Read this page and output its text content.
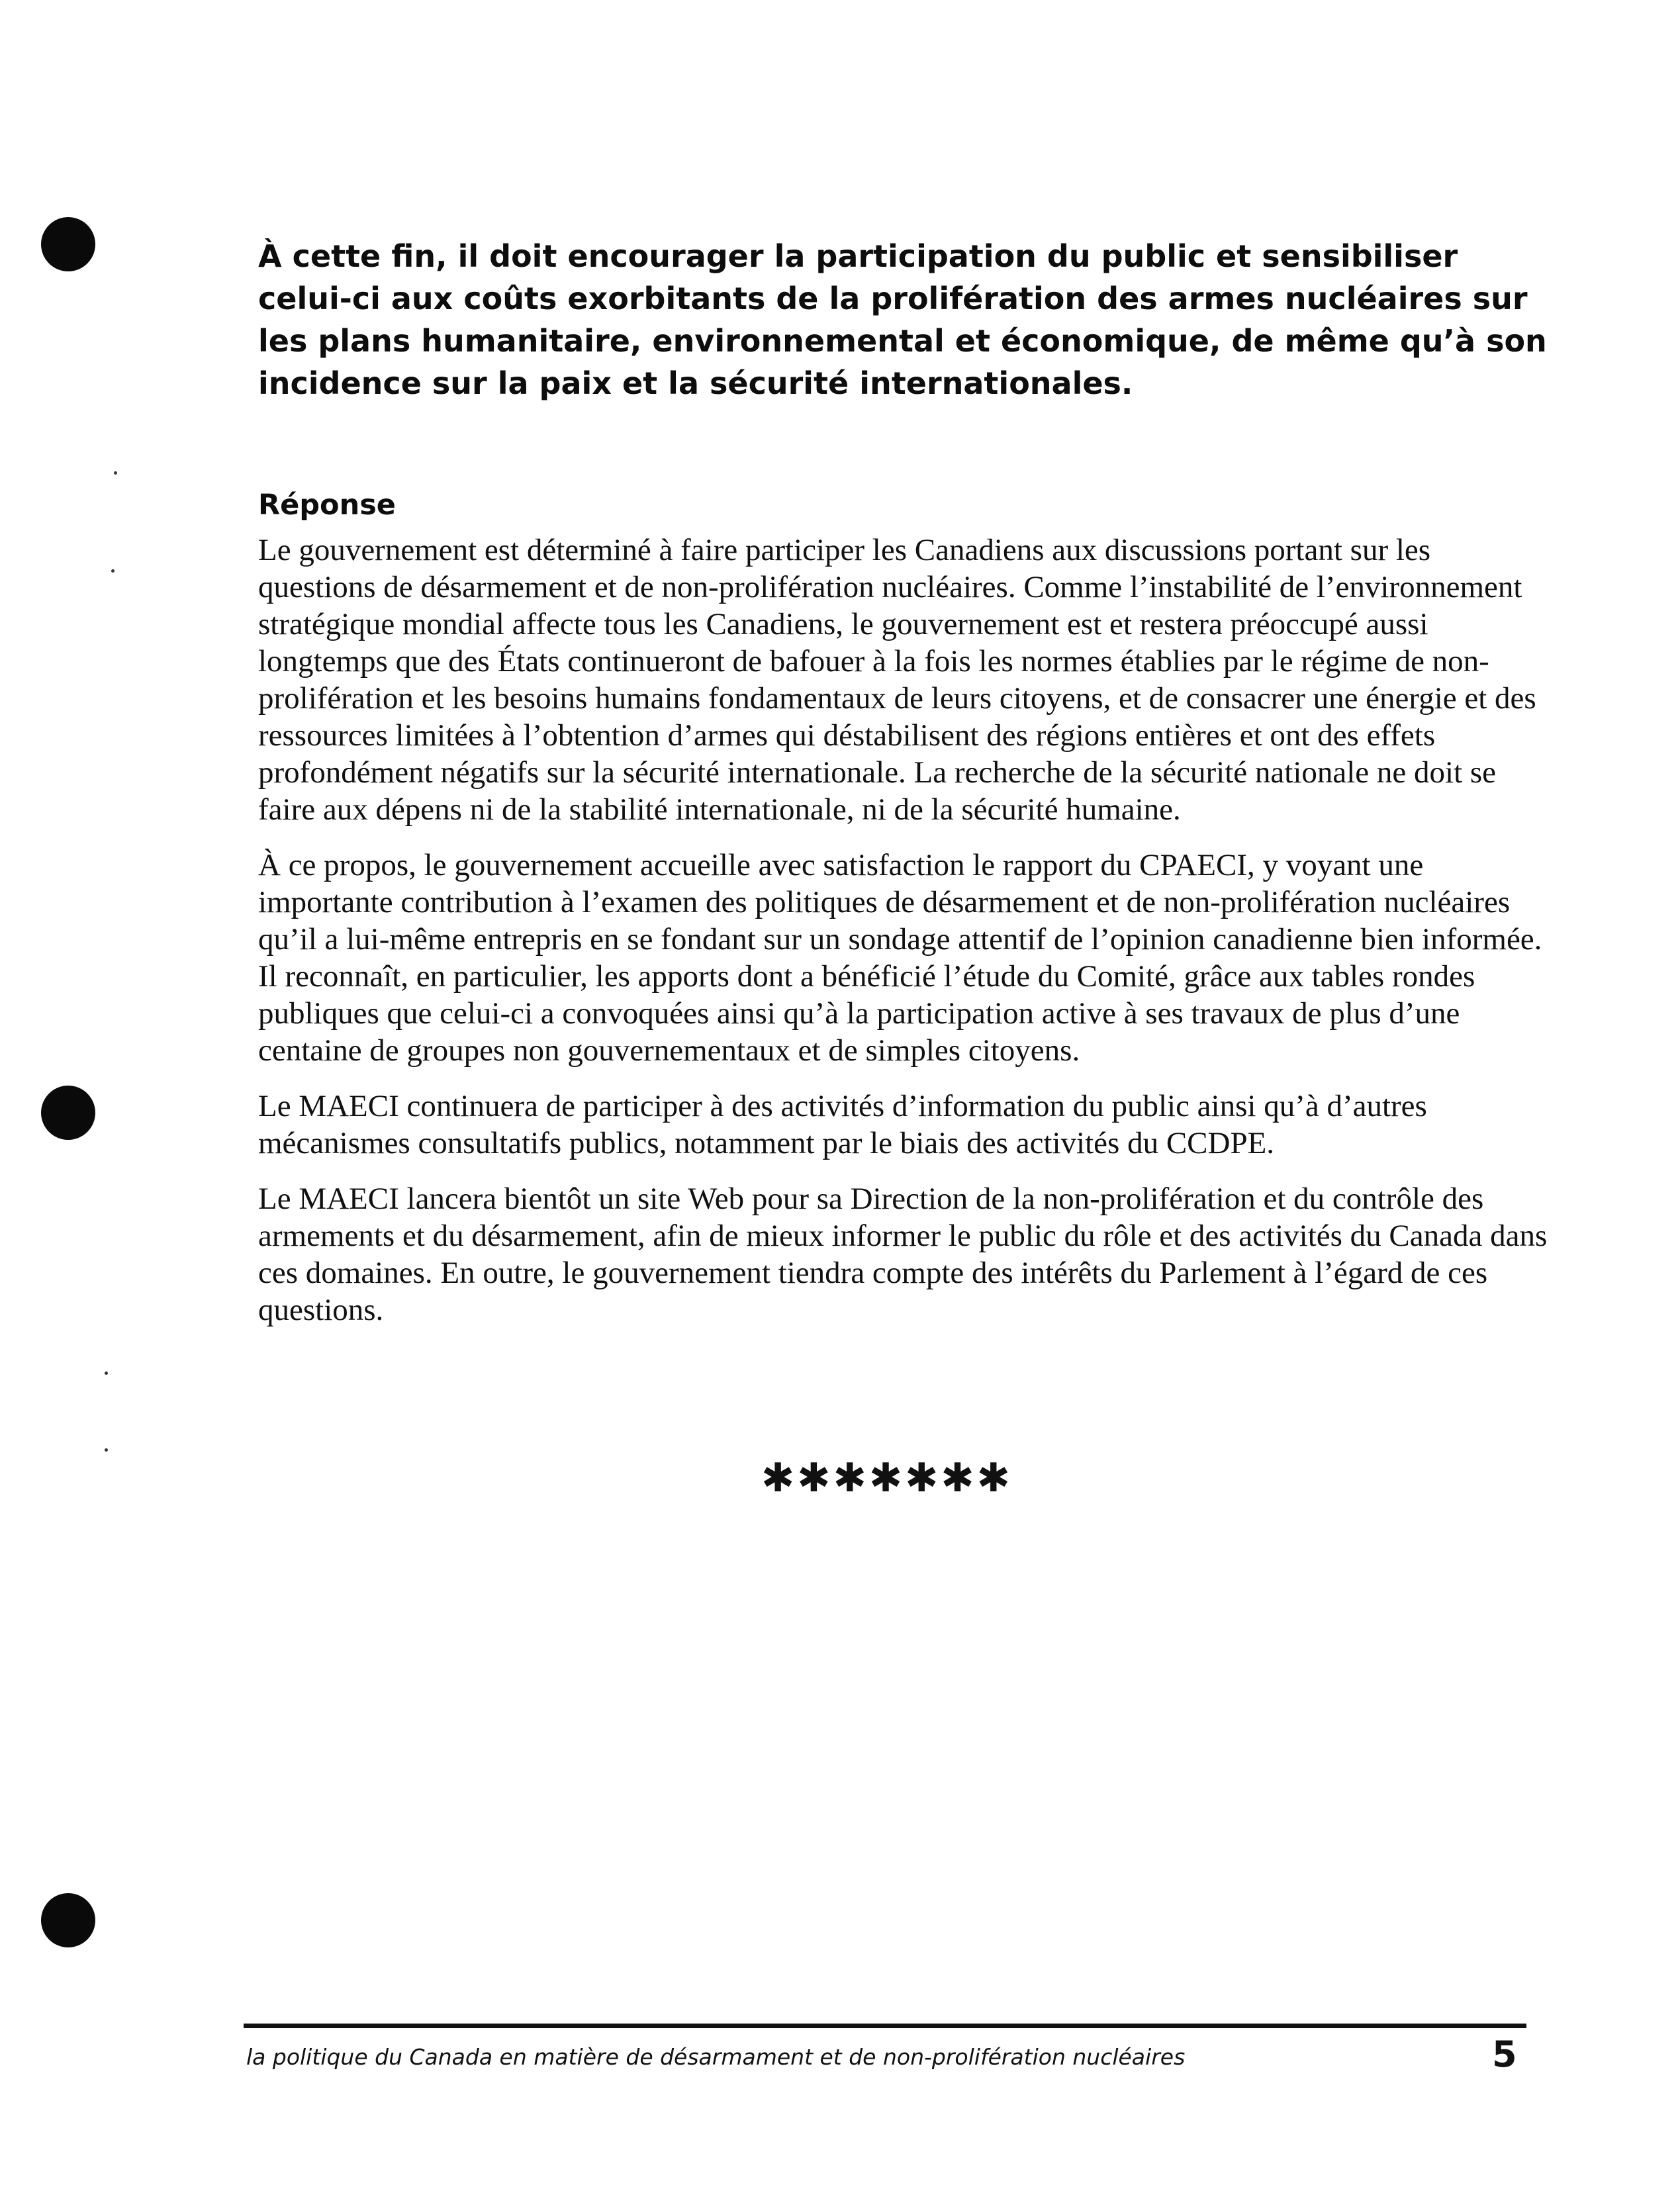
À cette fin, il doit encourager la participation du public et sensibiliser celui-ci aux coûts exorbitants de la prolifération des armes nucléaires sur les plans humanitaire, environnemental et économique, de même qu’à son incidence sur la paix et la sécurité internationales.

Réponse

Le gouvernement est déterminé à faire participer les Canadiens aux discussions portant sur les questions de désarmement et de non-prolifération nucléaires. Comme l’instabilité de l’environnement stratégique mondial affecte tous les Canadiens, le gouvernement est et restera préoccupé aussi longtemps que des États continueront de bafouer à la fois les normes établies par le régime de non-prolifération et les besoins humains fondamentaux de leurs citoyens, et de consacrer une énergie et des ressources limitées à l’obtention d’armes qui déstabilisent des régions entières et ont des effets profondément négatifs sur la sécurité internationale. La recherche de la sécurité nationale ne doit se faire aux dépens ni de la stabilité internationale, ni de la sécurité humaine.

À ce propos, le gouvernement accueille avec satisfaction le rapport du CPAECI, y voyant une importante contribution à l’examen des politiques de désarmement et de non-prolifération nucléaires qu’il a lui-même entrepris en se fondant sur un sondage attentif de l’opinion canadienne bien informée. Il reconnaît, en particulier, les apports dont a bénéficié l’étude du Comité, grâce aux tables rondes publiques que celui-ci a convoquées ainsi qu’à la participation active à ses travaux de plus d’une centaine de groupes non gouvernementaux et de simples citoyens.

Le MAECI continuera de participer à des activités d’information du public ainsi qu’à d’autres mécanismes consultatifs publics, notamment par le biais des activités du CCDPE.

Le MAECI lancera bientôt un site Web pour sa Direction de la non-prolifération et du contrôle des armements et du désarmement, afin de mieux informer le public du rôle et des activités du Canada dans ces domaines. En outre, le gouvernement tiendra compte des intérêts du Parlement à l’égard de ces questions.

✱✱✱✱✱✱✱
la politique du Canada en matière de désarmament et de non-prolifération nucléaires	5
